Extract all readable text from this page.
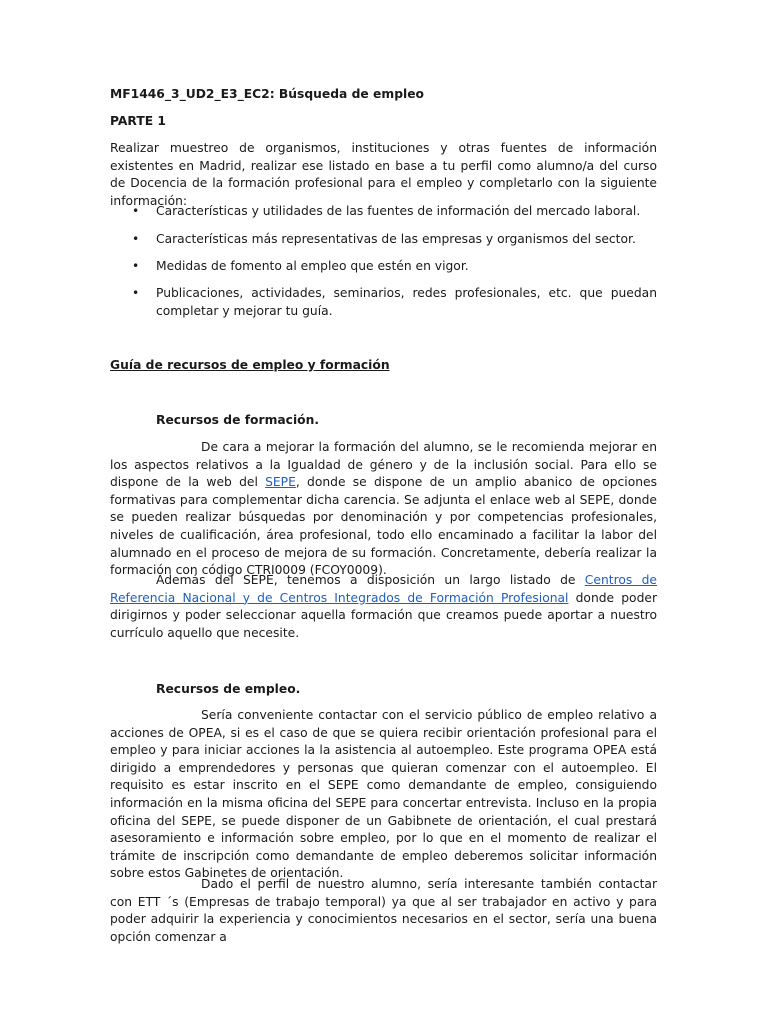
MF1446_3_UD2_E3_EC2: Búsqueda de empleo
PARTE 1

Realizar muestreo de organismos, instituciones y otras fuentes de información existentes en Madrid, realizar ese listado en base a tu perfil como alumno/a del curso de Docencia de la formación profesional para el empleo y completarlo con la siguiente información:

• Características y utilidades de las fuentes de información del mercado laboral.
• Características más representativas de las empresas y organismos del sector.
• Medidas de fomento al empleo que estén en vigor.
• Publicaciones, actividades, seminarios, redes profesionales, etc. que puedan completar y mejorar tu guía.
Guía de recursos de empleo y formación
Recursos de formación.

De cara a mejorar la formación del alumno, se le recomienda mejorar en los aspectos relativos a la Igualdad de género y de la inclusión social. Para ello se dispone de la web del SEPE, donde se dispone de un amplio abanico de opciones formativas para complementar dicha carencia. Se adjunta el enlace web al SEPE, donde se pueden realizar búsquedas por denominación y por competencias profesionales, niveles de cualificación, área profesional, todo ello encaminado a facilitar la labor del alumnado en el proceso de mejora de su formación. Concretamente, debería realizar la formación con código CTRI0009 (FCOY0009).

Además del SEPE, tenemos a disposición un largo listado de Centros de Referencia Nacional y de Centros Integrados de Formación Profesional donde poder dirigirnos y poder seleccionar aquella formación que creamos puede aportar a nuestro currículo aquello que necesite.

Recursos de empleo.

Sería conveniente contactar con el servicio público de empleo relativo a acciones de OPEA, si es el caso de que se quiera recibir orientación profesional para el empleo y para iniciar acciones la la asistencia al autoempleo. Este programa OPEA está dirigido a emprendedores y personas que quieran comenzar con el autoempleo. El requisito es estar inscrito en el SEPE como demandante de empleo, consiguiendo información en la misma oficina del SEPE para concertar entrevista. Incluso en la propia oficina del SEPE, se puede disponer de un Gabibnete de orientación, el cual prestará asesoramiento e información sobre empleo, por lo que en el momento de realizar el trámite de inscripción como demandante de empleo deberemos solicitar información sobre estos Gabinetes de orientación.

Dado el perfil de nuestro alumno, sería interesante también contactar con ETT ´s (Empresas de trabajo temporal) ya que al ser trabajador en activo y para poder adquirir la experiencia y conocimientos necesarios en el sector, sería una buena opción comenzar a
